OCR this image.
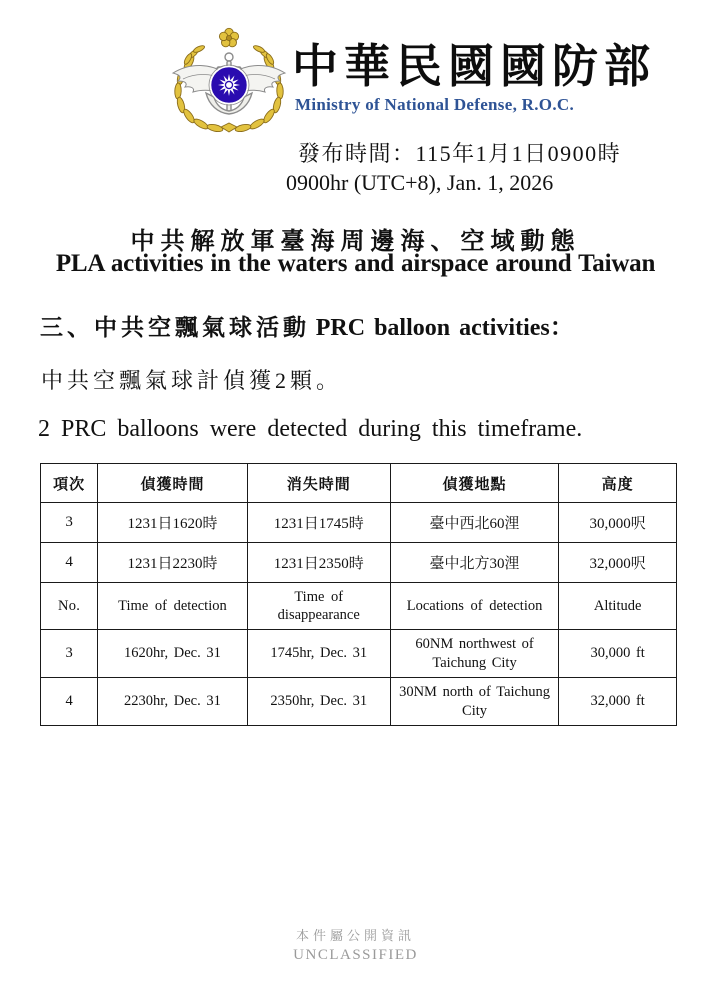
中華民國國防部
Ministry of National Defense, R.O.C.
發布時間：115年1月1日0900時
0900hr (UTC+8), Jan. 1, 2026
中共解放軍臺海周邊海、空域動態
PLA activities in the waters and airspace around Taiwan
三、中共空飄氣球活動 PRC balloon activities：
中共空飄氣球計偵獲2顆。
2 PRC balloons were detected during this timeframe.
項次	偵獲時間	消失時間	偵獲地點	高度
3	1231日1620時	1231日1745時	臺中西北60浬	30,000呎
4	1231日2230時	1231日2350時	臺中北方30浬	32,000呎
No.	Time of detection	Time of disappearance	Locations of detection	Altitude
3	1620hr, Dec. 31	1745hr, Dec. 31	60NM northwest of Taichung City	30,000 ft
4	2230hr, Dec. 31	2350hr, Dec. 31	30NM north of Taichung City	32,000 ft
本件屬公開資訊
UNCLASSIFIED
